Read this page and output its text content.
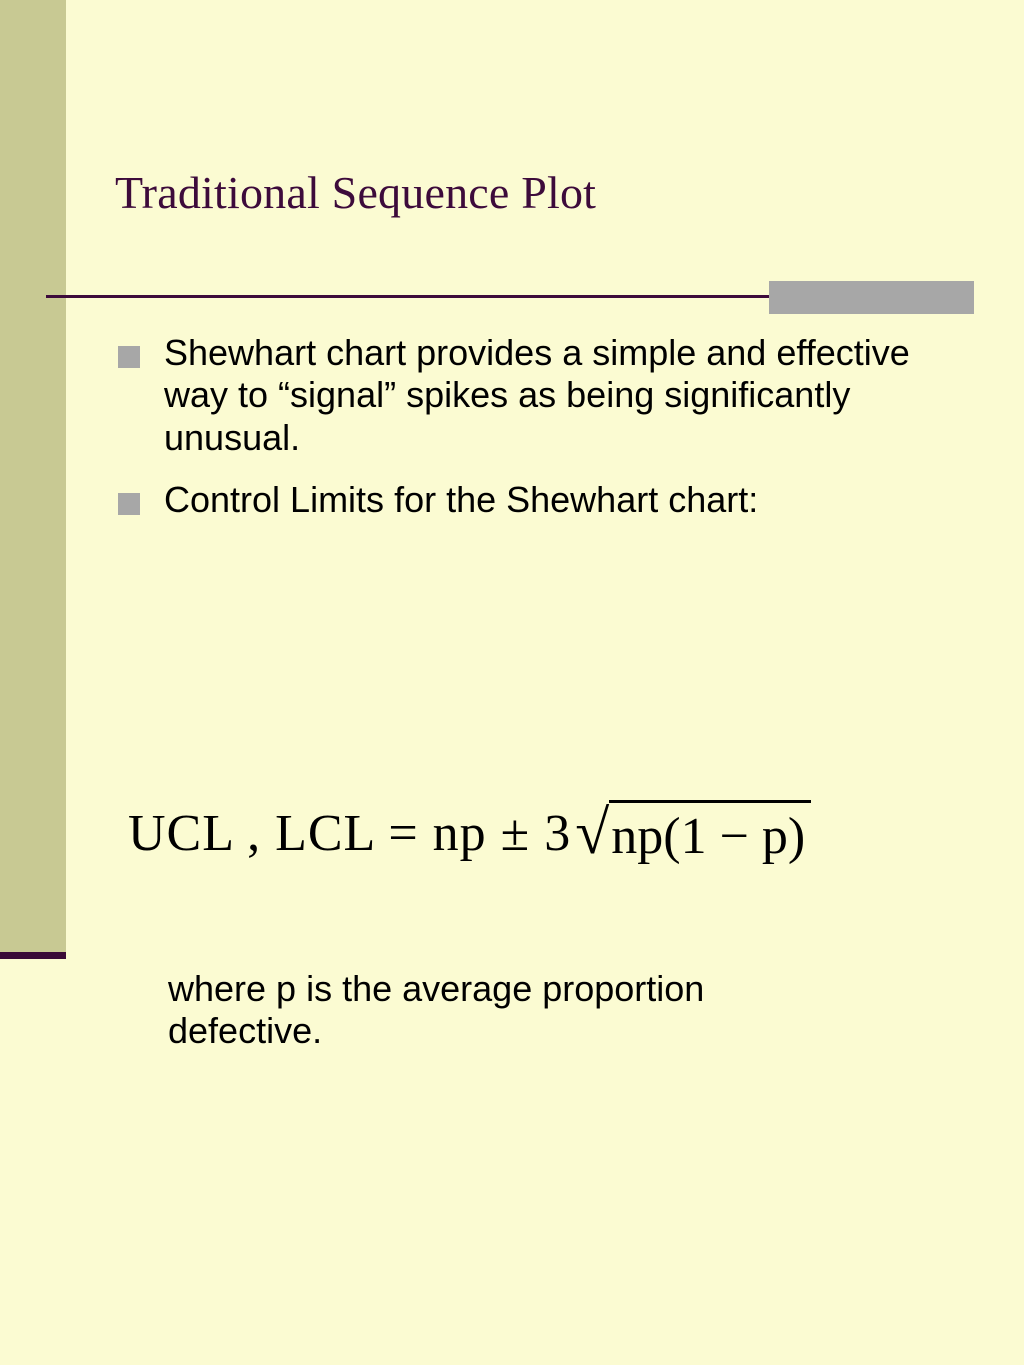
Traditional Sequence Plot
Shewhart chart provides a simple and effective way to “signal” spikes as being significantly unusual.
Control Limits for the Shewhart chart:
UCL , LCL = np ± 3 √ np(1 − p)
where p is the average proportion defective.
